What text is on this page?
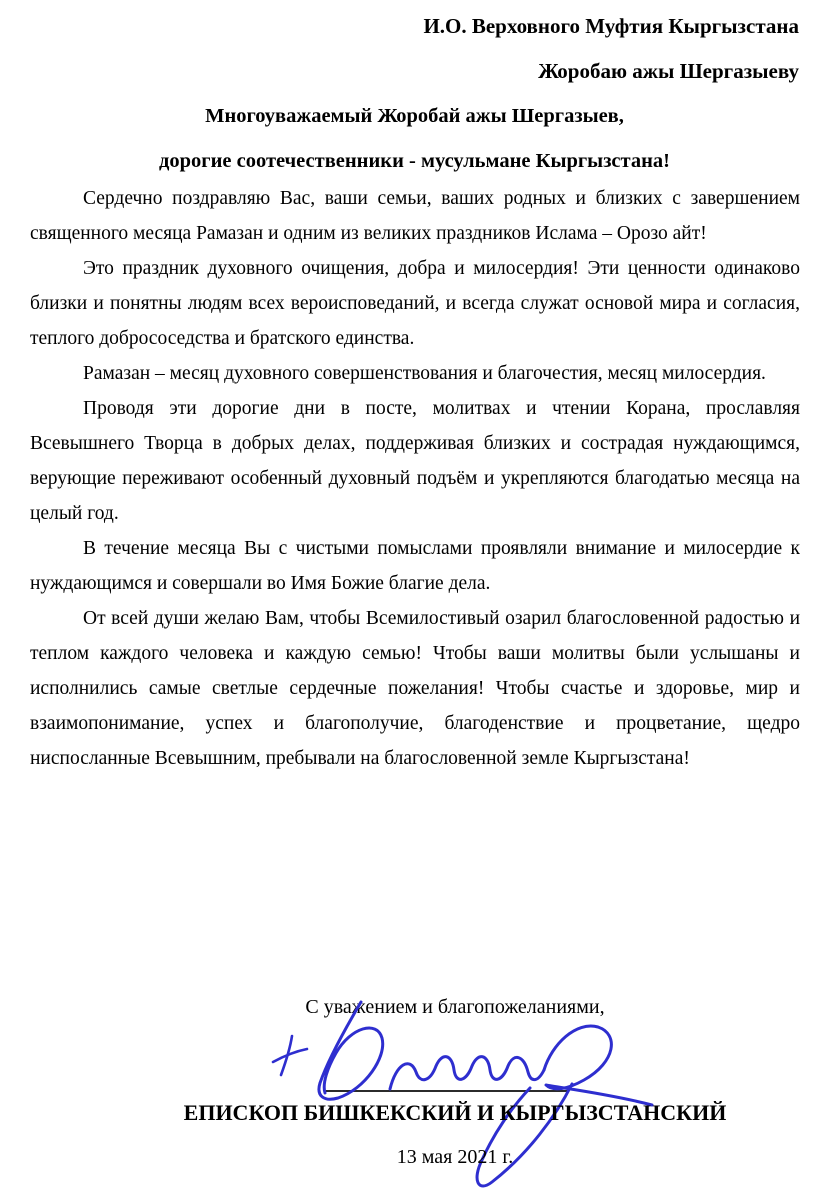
И.О. Верховного Муфтия Кыргызстана
Жоробаю ажы Шергазыеву
Многоуважаемый Жоробай ажы Шергазыев,
дорогие соотечественники - мусульмане Кыргызстана!

Сердечно поздравляю Вас, ваши семьи, ваших родных и близких с завершением священного месяца Рамазан и одним из великих праздников Ислама – Орозо айт!

Это праздник духовного очищения, добра и милосердия! Эти ценности одинаково близки и понятны людям всех вероисповеданий, и всегда служат основой мира и согласия, теплого добрососедства и братского единства.

Рамазан – месяц духовного совершенствования и благочестия, месяц милосердия.

Проводя эти дорогие дни в посте, молитвах и чтении Корана, прославляя Всевышнего Творца в добрых делах, поддерживая близких и сострадая нуждающимся, верующие переживают особенный духовный подъём и укрепляются благодатью месяца на целый год.

В течение месяца Вы с чистыми помыслами проявляли внимание и милосердие к нуждающимся и совершали во Имя Божие благие дела.

От всей души желаю Вам, чтобы Всемилостивый озарил благословенной радостью и теплом каждого человека и каждую семью! Чтобы ваши молитвы были услышаны и исполнились самые светлые сердечные пожелания! Чтобы счастье и здоровье, мир и взаимопонимание, успех и благополучие, благоденствие и процветание, щедро ниспосланные Всевышним, пребывали на благословенной земле Кыргызстана!

С уважением и благопожеланиями,
ЕПИСКОП БИШКЕКСКИЙ И КЫРГЫЗСТАНСКИЙ
13 мая 2021 г.
